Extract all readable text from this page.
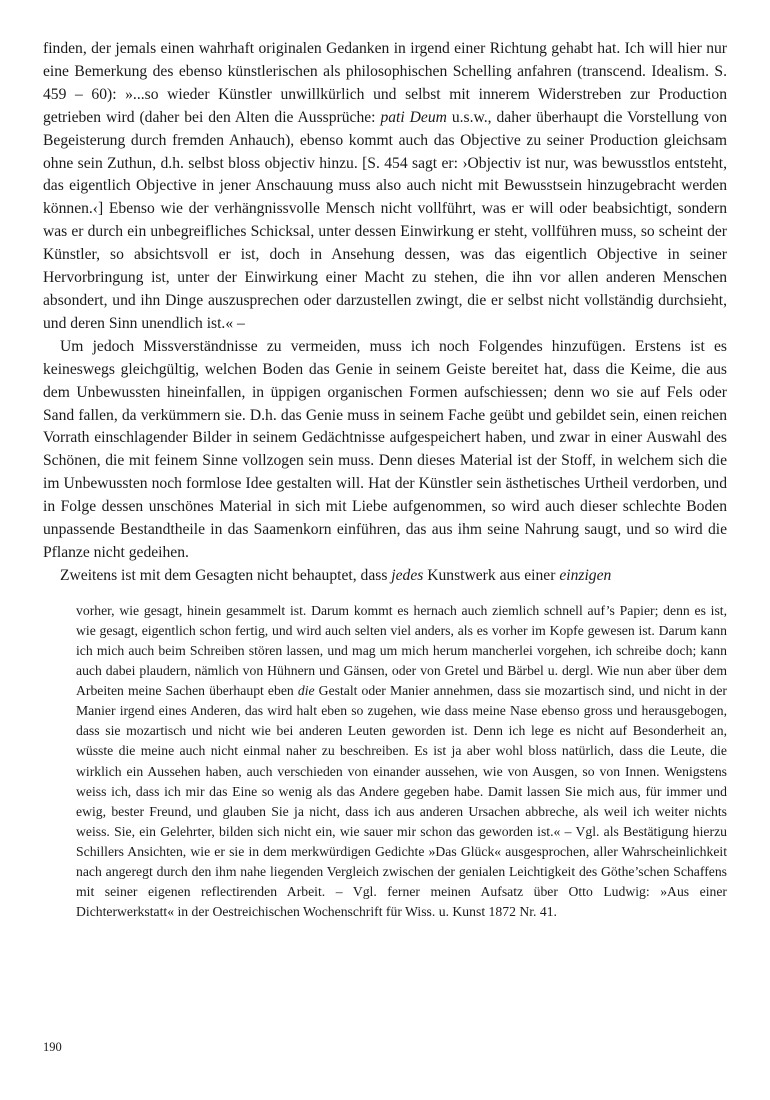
finden, der jemals einen wahrhaft originalen Gedanken in irgend einer Richtung gehabt hat. Ich will hier nur eine Bemerkung des ebenso künstlerischen als philosophischen Schelling anfahren (transcend. Idealism. S. 459 – 60): »...so wieder Künstler unwillkürlich und selbst mit innerem Widerstreben zur Production getrieben wird (daher bei den Alten die Aussprüche: pati Deum u.s.w., daher überhaupt die Vorstellung von Begeisterung durch fremden Anhauch), ebenso kommt auch das Objective zu seiner Production gleichsam ohne sein Zuthun, d.h. selbst bloss objectiv hinzu. [S. 454 sagt er: ›Objectiv ist nur, was bewusstlos entsteht, das eigentlich Objective in jener Anschauung muss also auch nicht mit Bewusstsein hinzugebracht werden können.‹] Ebenso wie der verhängnissvolle Mensch nicht vollführt, was er will oder beabsichtigt, sondern was er durch ein unbegreifliches Schicksal, unter dessen Einwirkung er steht, vollführen muss, so scheint der Künstler, so absichtsvoll er ist, doch in Ansehung dessen, was das eigentlich Objective in seiner Hervorbringung ist, unter der Einwirkung einer Macht zu stehen, die ihn vor allen anderen Menschen absondert, und ihn Dinge auszusprechen oder darzustellen zwingt, die er selbst nicht vollständig durchsieht, und deren Sinn unendlich ist.« –

Um jedoch Missverständnisse zu vermeiden, muss ich noch Folgendes hinzufügen. Erstens ist es keineswegs gleichgültig, welchen Boden das Genie in seinem Geiste bereitet hat, dass die Keime, die aus dem Unbewussten hineinfallen, in üppigen organischen Formen aufschiessen; denn wo sie auf Fels oder Sand fallen, da verkümmern sie. D.h. das Genie muss in seinem Fache geübt und gebildet sein, einen reichen Vorrath einschlagender Bilder in seinem Gedächtnisse aufgespeichert haben, und zwar in einer Auswahl des Schönen, die mit feinem Sinne vollzogen sein muss. Denn dieses Material ist der Stoff, in welchem sich die im Unbewussten noch formlose Idee gestalten will. Hat der Künstler sein ästhetisches Urtheil verdorben, und in Folge dessen unschönes Material in sich mit Liebe aufgenommen, so wird auch dieser schlechte Boden unpassende Bestandtheile in das Saamenkorn einführen, das aus ihm seine Nahrung saugt, und so wird die Pflanze nicht gedeihen.

Zweitens ist mit dem Gesagten nicht behauptet, dass jedes Kunstwerk aus einer einzigen

vorher, wie gesagt, hinein gesammelt ist. Darum kommt es hernach auch ziemlich schnell auf’s Papier; denn es ist, wie gesagt, eigentlich schon fertig, und wird auch selten viel anders, als es vorher im Kopfe gewesen ist. Darum kann ich mich auch beim Schreiben stören lassen, und mag um mich herum mancherlei vorgehen, ich schreibe doch; kann auch dabei plaudern, nämlich von Hühnern und Gänsen, oder von Gretel und Bärbel u. dergl. Wie nun aber über dem Arbeiten meine Sachen überhaupt eben die Gestalt oder Manier annehmen, dass sie mozartisch sind, und nicht in der Manier irgend eines Anderen, das wird halt eben so zugehen, wie dass meine Nase ebenso gross und herausgebogen, dass sie mozartisch und nicht wie bei anderen Leuten geworden ist. Denn ich lege es nicht auf Besonderheit an, wüsste die meine auch nicht einmal naher zu beschreiben. Es ist ja aber wohl bloss natürlich, dass die Leute, die wirklich ein Aussehen haben, auch verschieden von einander aussehen, wie von Ausgen, so von Innen. Wenigstens weiss ich, dass ich mir das Eine so wenig als das Andere gegeben habe. Damit lassen Sie mich aus, für immer und ewig, bester Freund, und glauben Sie ja nicht, dass ich aus anderen Ursachen abbreche, als weil ich weiter nichts weiss. Sie, ein Gelehrter, bilden sich nicht ein, wie sauer mir schon das geworden ist.« – Vgl. als Bestätigung hierzu Schillers Ansichten, wie er sie in dem merkwürdigen Gedichte »Das Glück« ausgesprochen, aller Wahrscheinlichkeit nach angeregt durch den ihm nahe liegenden Vergleich zwischen der genialen Leichtigkeit des Göthe’schen Schaffens mit seiner eigenen reflectirenden Arbeit. – Vgl. ferner meinen Aufsatz über Otto Ludwig: »Aus einer Dichterwerkstatt« in der Oestreichischen Wochenschrift für Wiss. u. Kunst 1872 Nr. 41.

190
